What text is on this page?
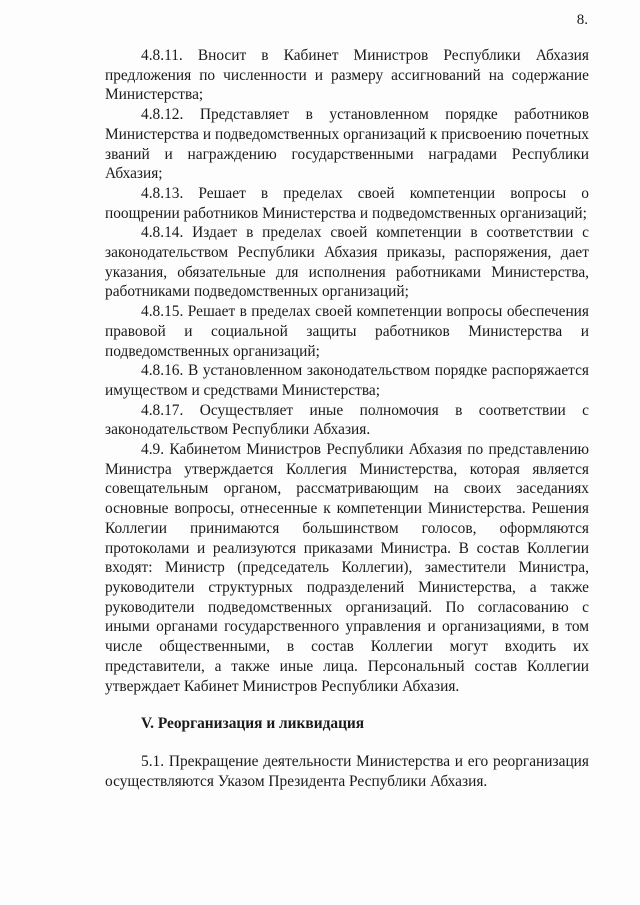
8.

4.8.11. Вносит в Кабинет Министров Республики Абхазия предложения по численности и размеру ассигнований на содержание Министерства;

4.8.12. Представляет в установленном порядке работников Министерства и подведомственных организаций к присвоению почетных званий и награждению государственными наградами Республики Абхазия;

4.8.13. Решает в пределах своей компетенции вопросы о поощрении работников Министерства и подведомственных организаций;

4.8.14. Издает в пределах своей компетенции в соответствии с законодательством Республики Абхазия приказы, распоряжения, дает указания, обязательные для исполнения работниками Министерства, работниками подведомственных организаций;

4.8.15. Решает в пределах своей компетенции вопросы обеспечения правовой и социальной защиты работников Министерства и подведомственных организаций;

4.8.16. В установленном законодательством порядке распоряжается имуществом и средствами Министерства;

4.8.17. Осуществляет иные полномочия в соответствии с законодательством Республики Абхазия.

4.9. Кабинетом Министров Республики Абхазия по представлению Министра утверждается Коллегия Министерства, которая является совещательным органом, рассматривающим на своих заседаниях основные вопросы, отнесенные к компетенции Министерства. Решения Коллегии принимаются большинством голосов, оформляются протоколами и реализуются приказами Министра. В состав Коллегии входят: Министр (председатель Коллегии), заместители Министра, руководители структурных подразделений Министерства, а также руководители подведомственных организаций. По согласованию с иными органами государственного управления и организациями, в том числе общественными, в состав Коллегии могут входить их представители, а также иные лица. Персональный состав Коллегии утверждает Кабинет Министров Республики Абхазия.

V. Реорганизация и ликвидация

5.1. Прекращение деятельности Министерства и его реорганизация осуществляются Указом Президента Республики Абхазия.
